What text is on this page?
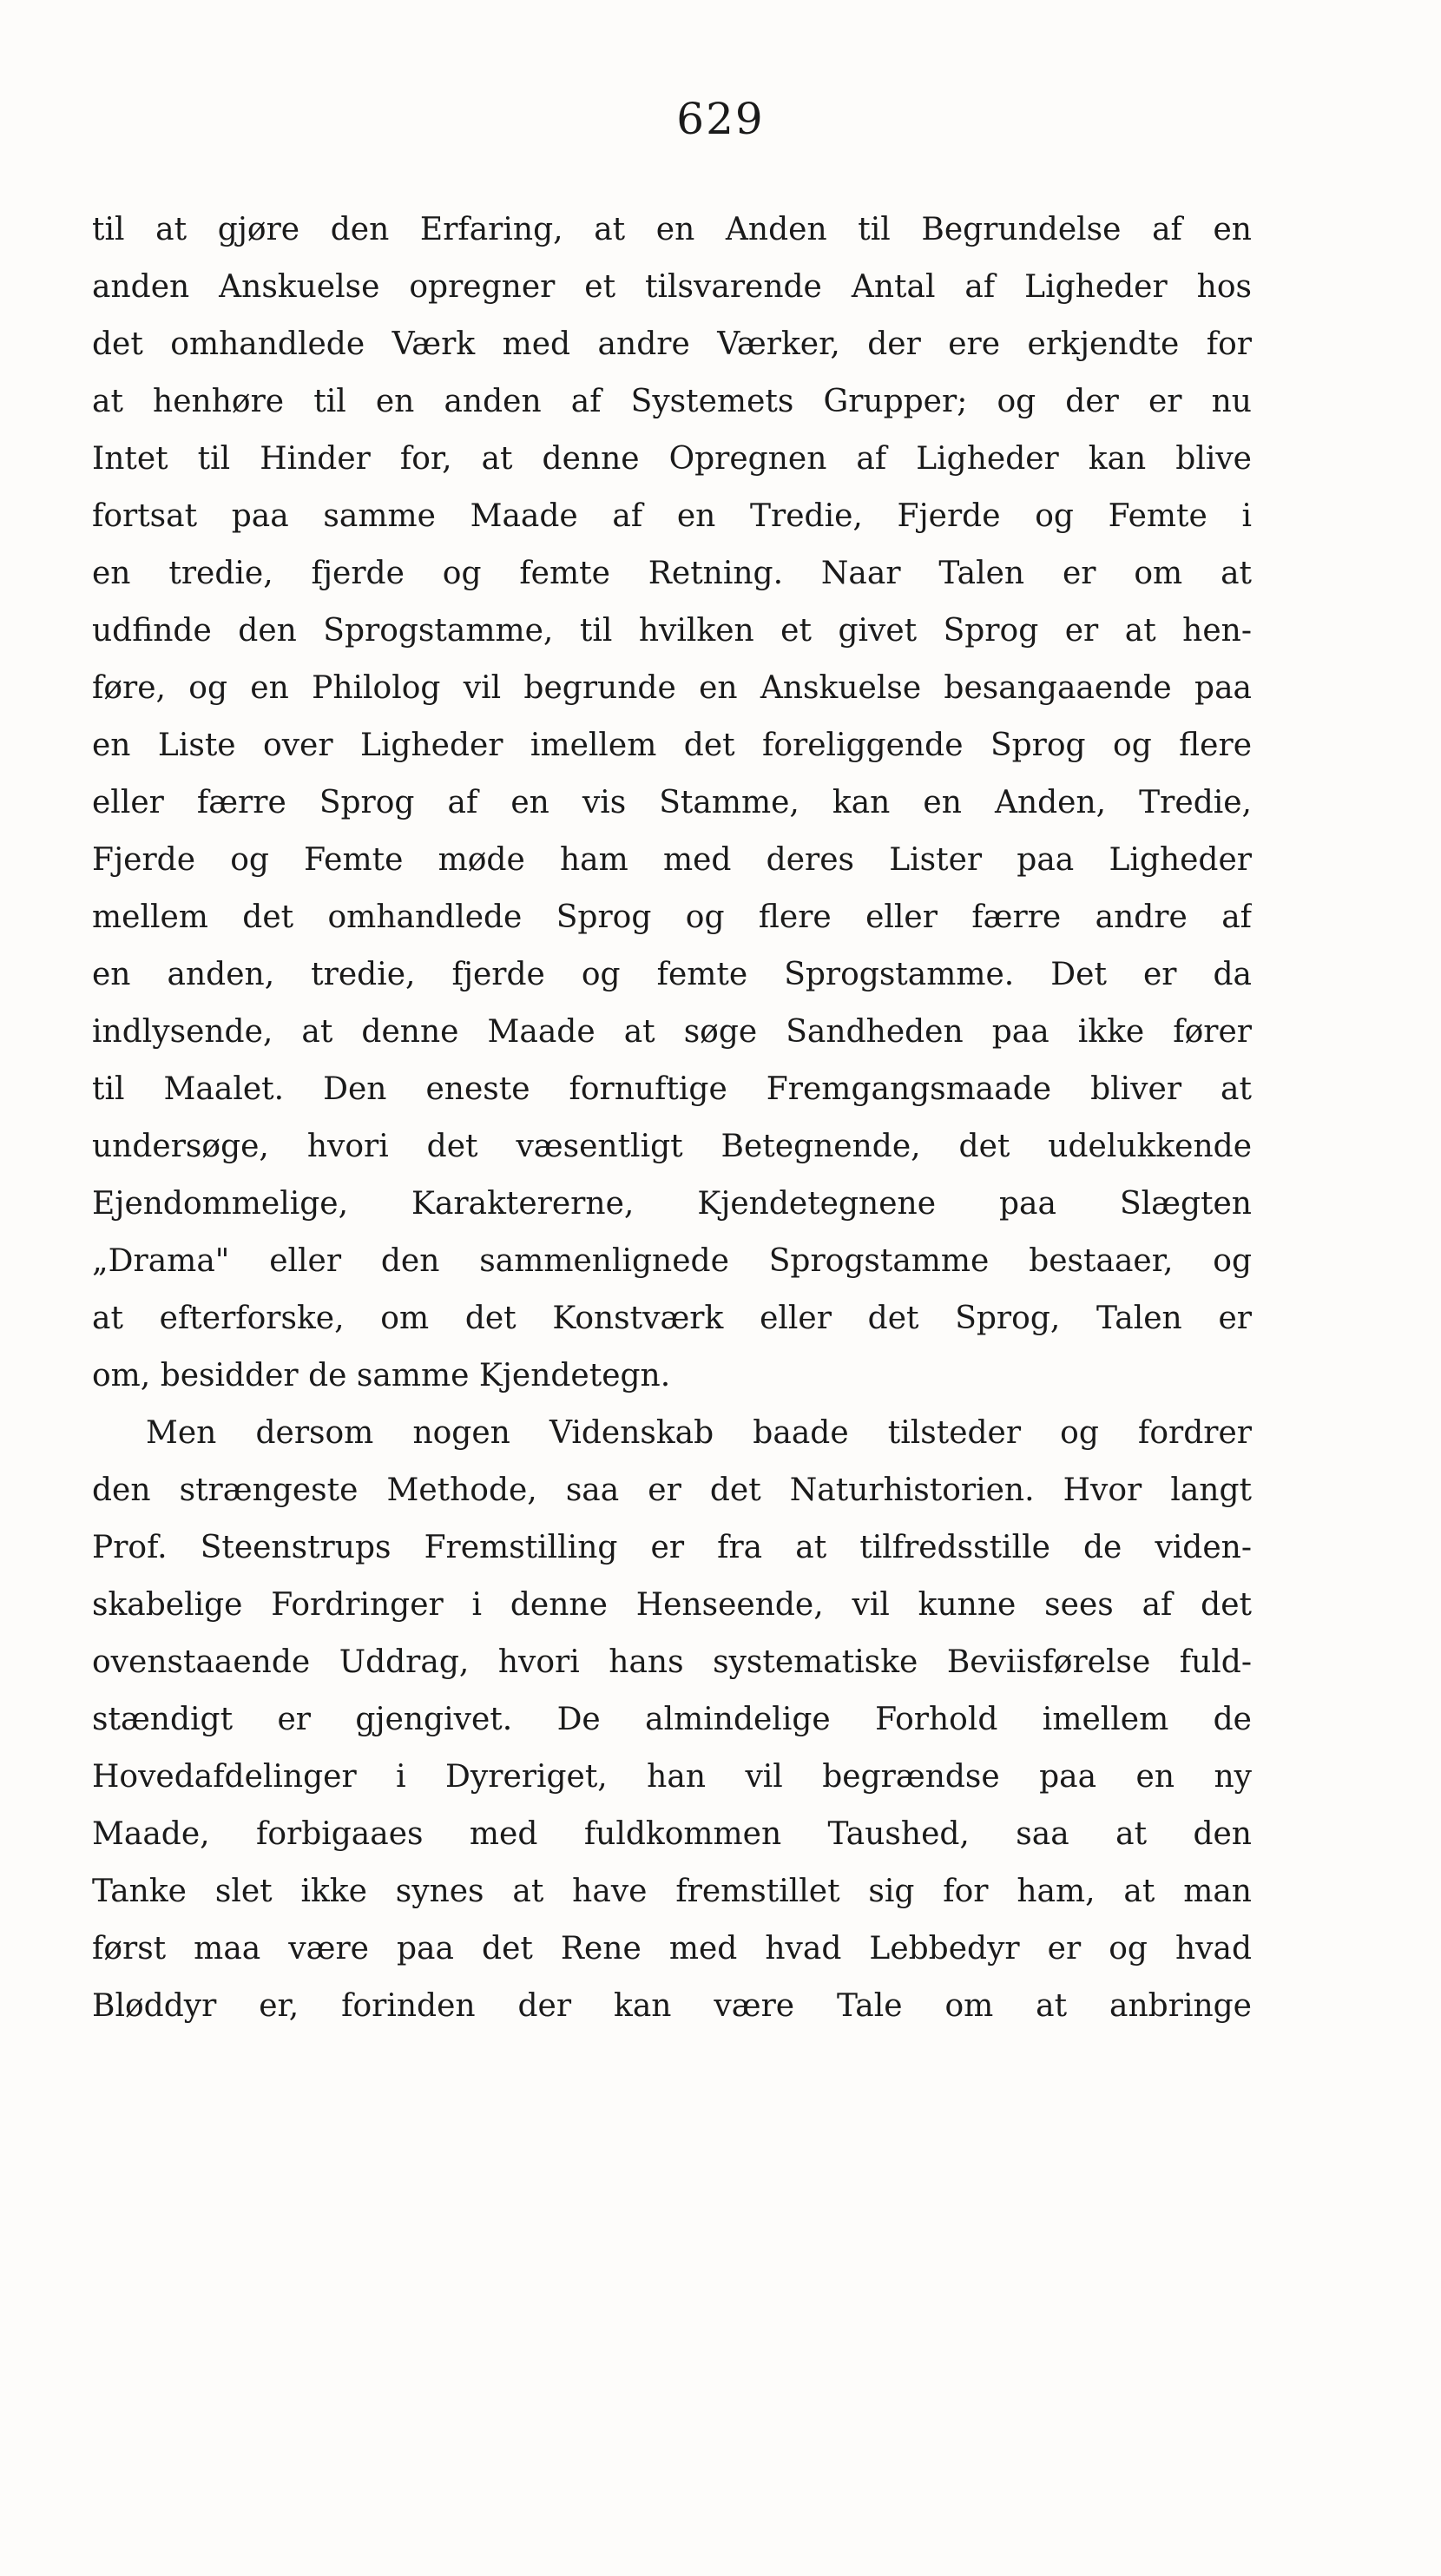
629
til at gjøre den Erfaring, at en Anden til Begrundelse af en
anden Anskuelse opregner et tilsvarende Antal af Ligheder hos
det omhandlede Værk med andre Værker, der ere erkjendte for
at henhøre til en anden af Systemets Grupper; og der er nu
Intet til Hinder for, at denne Opregnen af Ligheder kan blive
fortsat paa samme Maade af en Tredie, Fjerde og Femte i
en tredie, fjerde og femte Retning. Naar Talen er om at
udfinde den Sprogstamme, til hvilken et givet Sprog er at hen-
føre, og en Philolog vil begrunde en Anskuelse besangaaende paa
en Liste over Ligheder imellem det foreliggende Sprog og flere
eller færre Sprog af en vis Stamme, kan en Anden, Tredie,
Fjerde og Femte møde ham med deres Lister paa Ligheder
mellem det omhandlede Sprog og flere eller færre andre af
en anden, tredie, fjerde og femte Sprogstamme. Det er da
indlysende, at denne Maade at søge Sandheden paa ikke fører
til Maalet. Den eneste fornuftige Fremgangsmaade bliver at
undersøge, hvori det væsentligt Betegnende, det udelukkende
Ejendommelige, Karaktererne, Kjendetegnene paa Slægten
„Drama" eller den sammenlignede Sprogstamme bestaaer, og
at efterforske, om det Konstværk eller det Sprog, Talen er
om, besidder de samme Kjendetegn.
Men dersom nogen Videnskab baade tilsteder og fordrer
den strængeste Methode, saa er det Naturhistorien. Hvor langt
Prof. Steenstrups Fremstilling er fra at tilfredsstille de viden-
skabelige Fordringer i denne Henseende, vil kunne sees af det
ovenstaaende Uddrag, hvori hans systematiske Beviisførelse fuld-
stændigt er gjengivet. De almindelige Forhold imellem de
Hovedafdelinger i Dyreriget, han vil begrændse paa en ny
Maade, forbigaaes med fuldkommen Taushed, saa at den
Tanke slet ikke synes at have fremstillet sig for ham, at man
først maa være paa det Rene med hvad Lebbedyr er og hvad
Bløddyr er, forinden der kan være Tale om at anbringe
